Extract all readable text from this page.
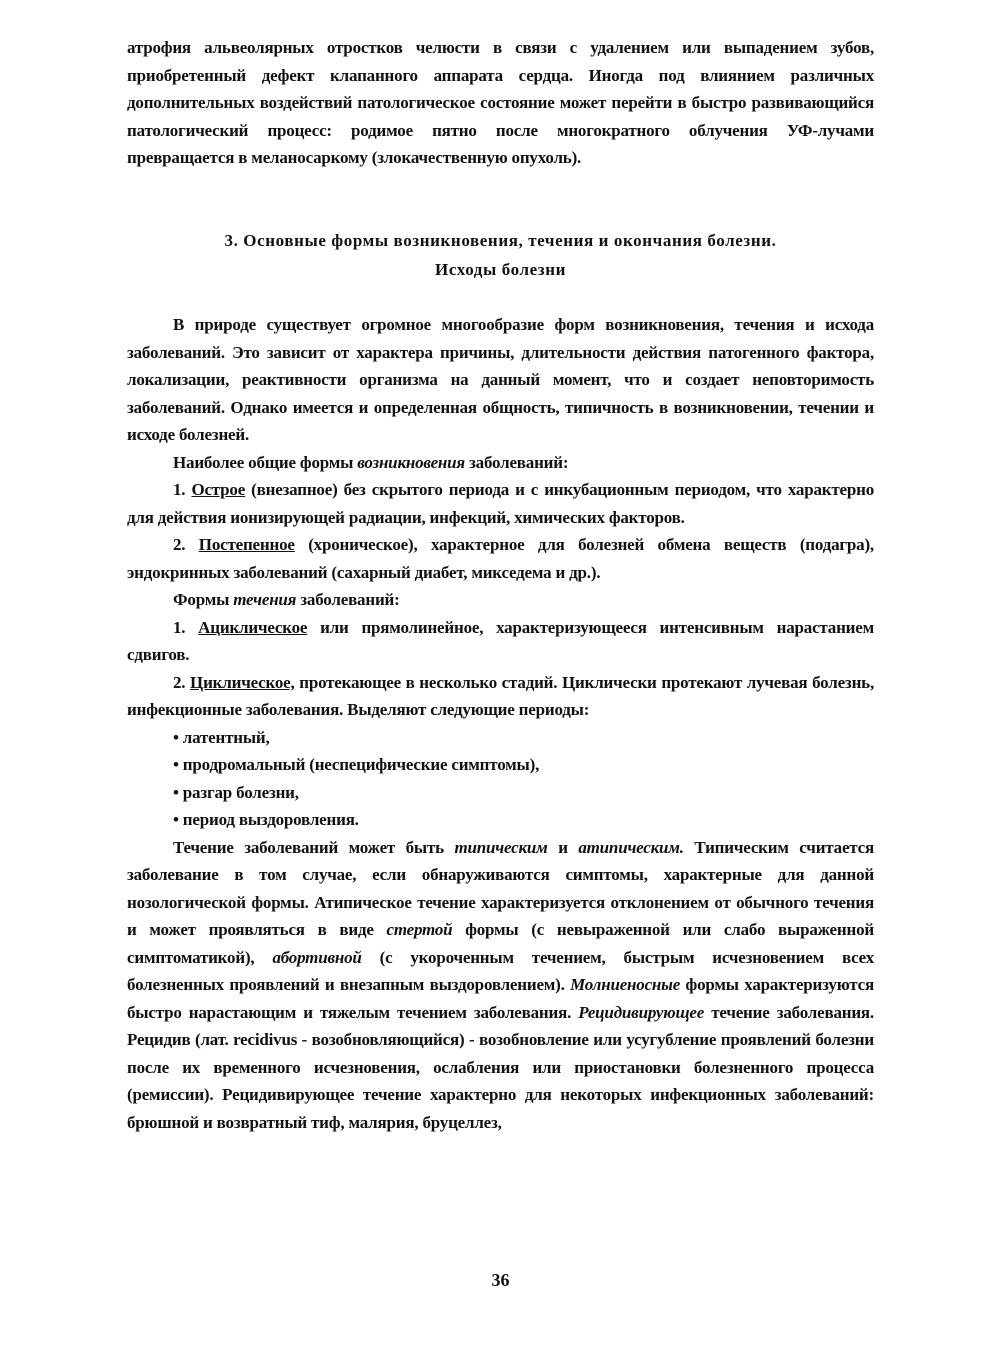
атрофия альвеолярных отростков челюсти в связи с удалением или выпадением зубов, приобретенный дефект клапанного аппарата сердца. Иногда под влиянием различных дополнительных воздействий патологическое состояние может перейти в быстро развивающийся патологический процесс: родимое пятно после многократного облучения УФ-лучами превращается в меланосаркому (злокачественную опухоль).

3. Основные формы возникновения, течения и окончания болезни.
Исходы болезни

В природе существует огромное многообразие форм возникновения, течения и исхода заболеваний. Это зависит от характера причины, длительности действия патогенного фактора, локализации, реактивности организма на данный момент, что и создает неповторимость заболеваний. Однако имеется и определенная общность, типичность в возникновении, течении и исходе болезней.

Наиболее общие формы возникновения заболеваний:

1. Острое (внезапное) без скрытого периода и с инкубационным периодом, что характерно для действия ионизирующей радиации, инфекций, химических факторов.

2. Постепенное (хроническое), характерное для болезней обмена веществ (подагра), эндокринных заболеваний (сахарный диабет, микседема и др.).

Формы течения заболеваний:

1. Ациклическое или прямолинейное, характеризующееся интенсивным нарастанием сдвигов.

2. Циклическое, протекающее в несколько стадий. Циклически протекают лучевая болезнь, инфекционные заболевания. Выделяют следующие периоды:

• латентный,

• продромальный (неспецифические симптомы),

• разгар болезни,

• период выздоровления.

Течение заболеваний может быть типическим и атипическим. Типическим считается заболевание в том случае, если обнаруживаются симптомы, характерные для данной нозологической формы. Атипическое течение характеризуется отклонением от обычного течения и может проявляться в виде стертой формы (с невыраженной или слабо выраженной симптоматикой), абортивной (с укороченным течением, быстрым исчезновением всех болезненных проявлений и внезапным выздоровлением). Молниеносные формы характеризуются быстро нарастающим и тяжелым течением заболевания. Рецидивирующее течение заболевания. Рецидив (лат. recidivus - возобновляющийся) - возобновление или усугубление проявлений болезни после их временного исчезновения, ослабления или приостановки болезненного процесса (ремиссии). Рецидивирующее течение характерно для некоторых инфекционных заболеваний: брюшной и возвратный тиф, малярия, бруцеллез,

36
